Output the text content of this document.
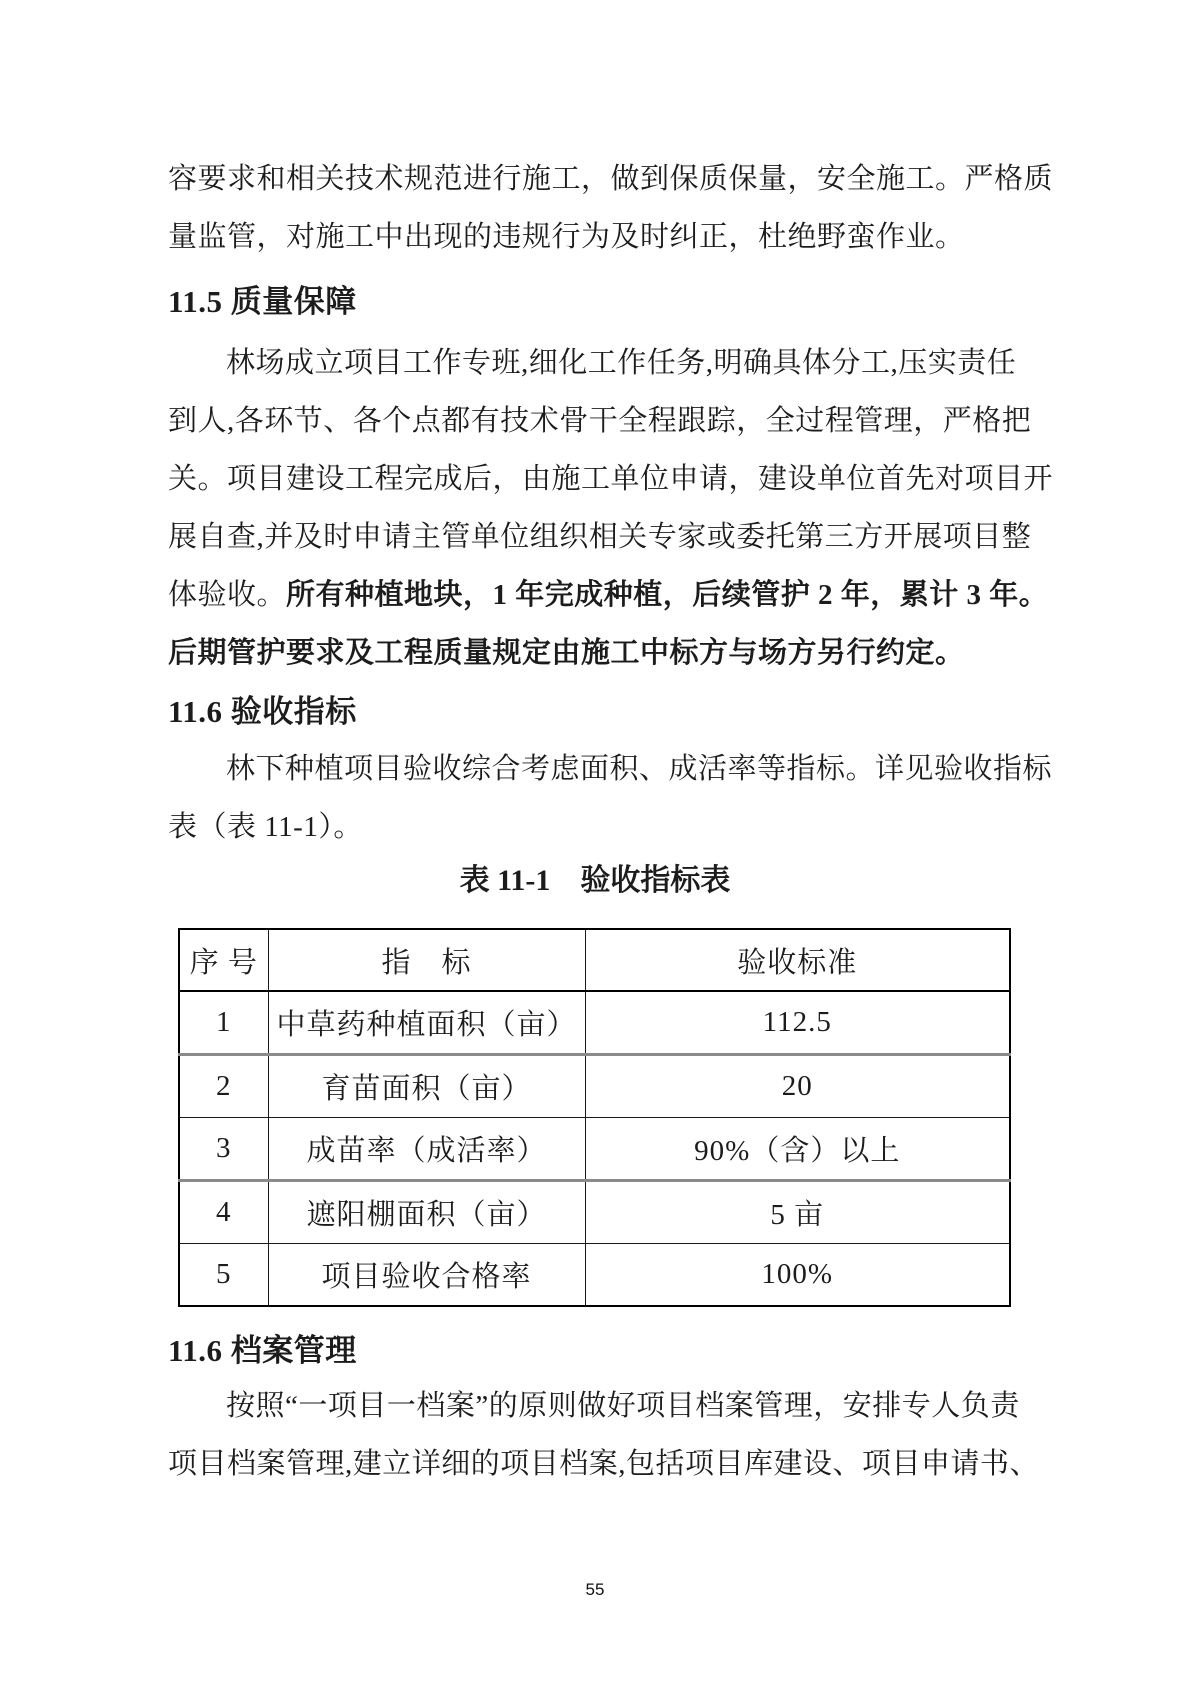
容要求和相关技术规范进行施工，做到保质保量，安全施工。严格质
量监管，对施工中出现的违规行为及时纠正，杜绝野蛮作业。
11.5 质量保障
林场成立项目工作专班,细化工作任务,明确具体分工,压实责任
到人,各环节、各个点都有技术骨干全程跟踪，全过程管理，严格把
关。项目建设工程完成后，由施工单位申请，建设单位首先对项目开
展自查,并及时申请主管单位组织相关专家或委托第三方开展项目整
体验收。所有种植地块，1 年完成种植，后续管护 2 年，累计 3 年。
后期管护要求及工程质量规定由施工中标方与场方另行约定。
11.6 验收指标
林下种植项目验收综合考虑面积、成活率等指标。详见验收指标
表（表 11-1）。
表 11-1　验收指标表
序 号	指　标	验收标准
1	中草药种植面积（亩）	112.5
2	育苗面积（亩）	20
3	成苗率（成活率）	90%（含）以上
4	遮阳棚面积（亩）	5 亩
5	项目验收合格率	100%
11.6 档案管理
按照“一项目一档案”的原则做好项目档案管理，安排专人负责
项目档案管理,建立详细的项目档案,包括项目库建设、项目申请书、
55
